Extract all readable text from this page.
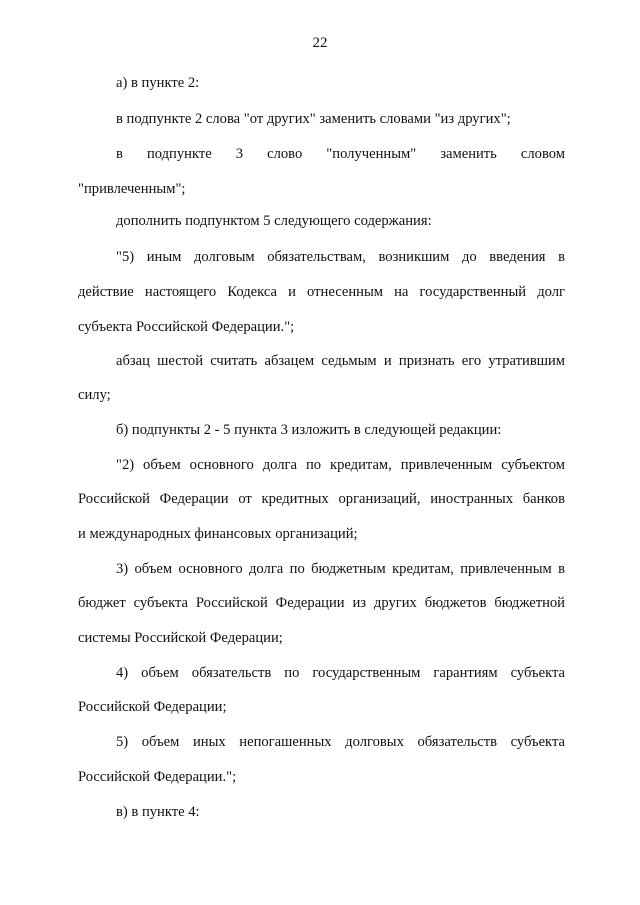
22
а) в пункте 2:
в подпункте 2 слова "от других" заменить словами "из других";
в подпункте 3 слово "полученным" заменить словом
"привлеченным";
дополнить подпунктом 5 следующего содержания:
"5) иным долговым обязательствам, возникшим до введения в
действие настоящего Кодекса и отнесенным на государственный долг
субъекта Российской Федерации.";
абзац шестой считать абзацем седьмым и признать его утратившим
силу;
б) подпункты 2 - 5 пункта 3 изложить в следующей редакции:
"2) объем основного долга по кредитам, привлеченным субъектом
Российской Федерации от кредитных организаций, иностранных банков
и международных финансовых организаций;
3) объем основного долга по бюджетным кредитам, привлеченным в
бюджет субъекта Российской Федерации из других бюджетов бюджетной
системы Российской Федерации;
4) объем обязательств по государственным гарантиям субъекта
Российской Федерации;
5) объем иных непогашенных долговых обязательств субъекта
Российской Федерации.";
в) в пункте 4:
